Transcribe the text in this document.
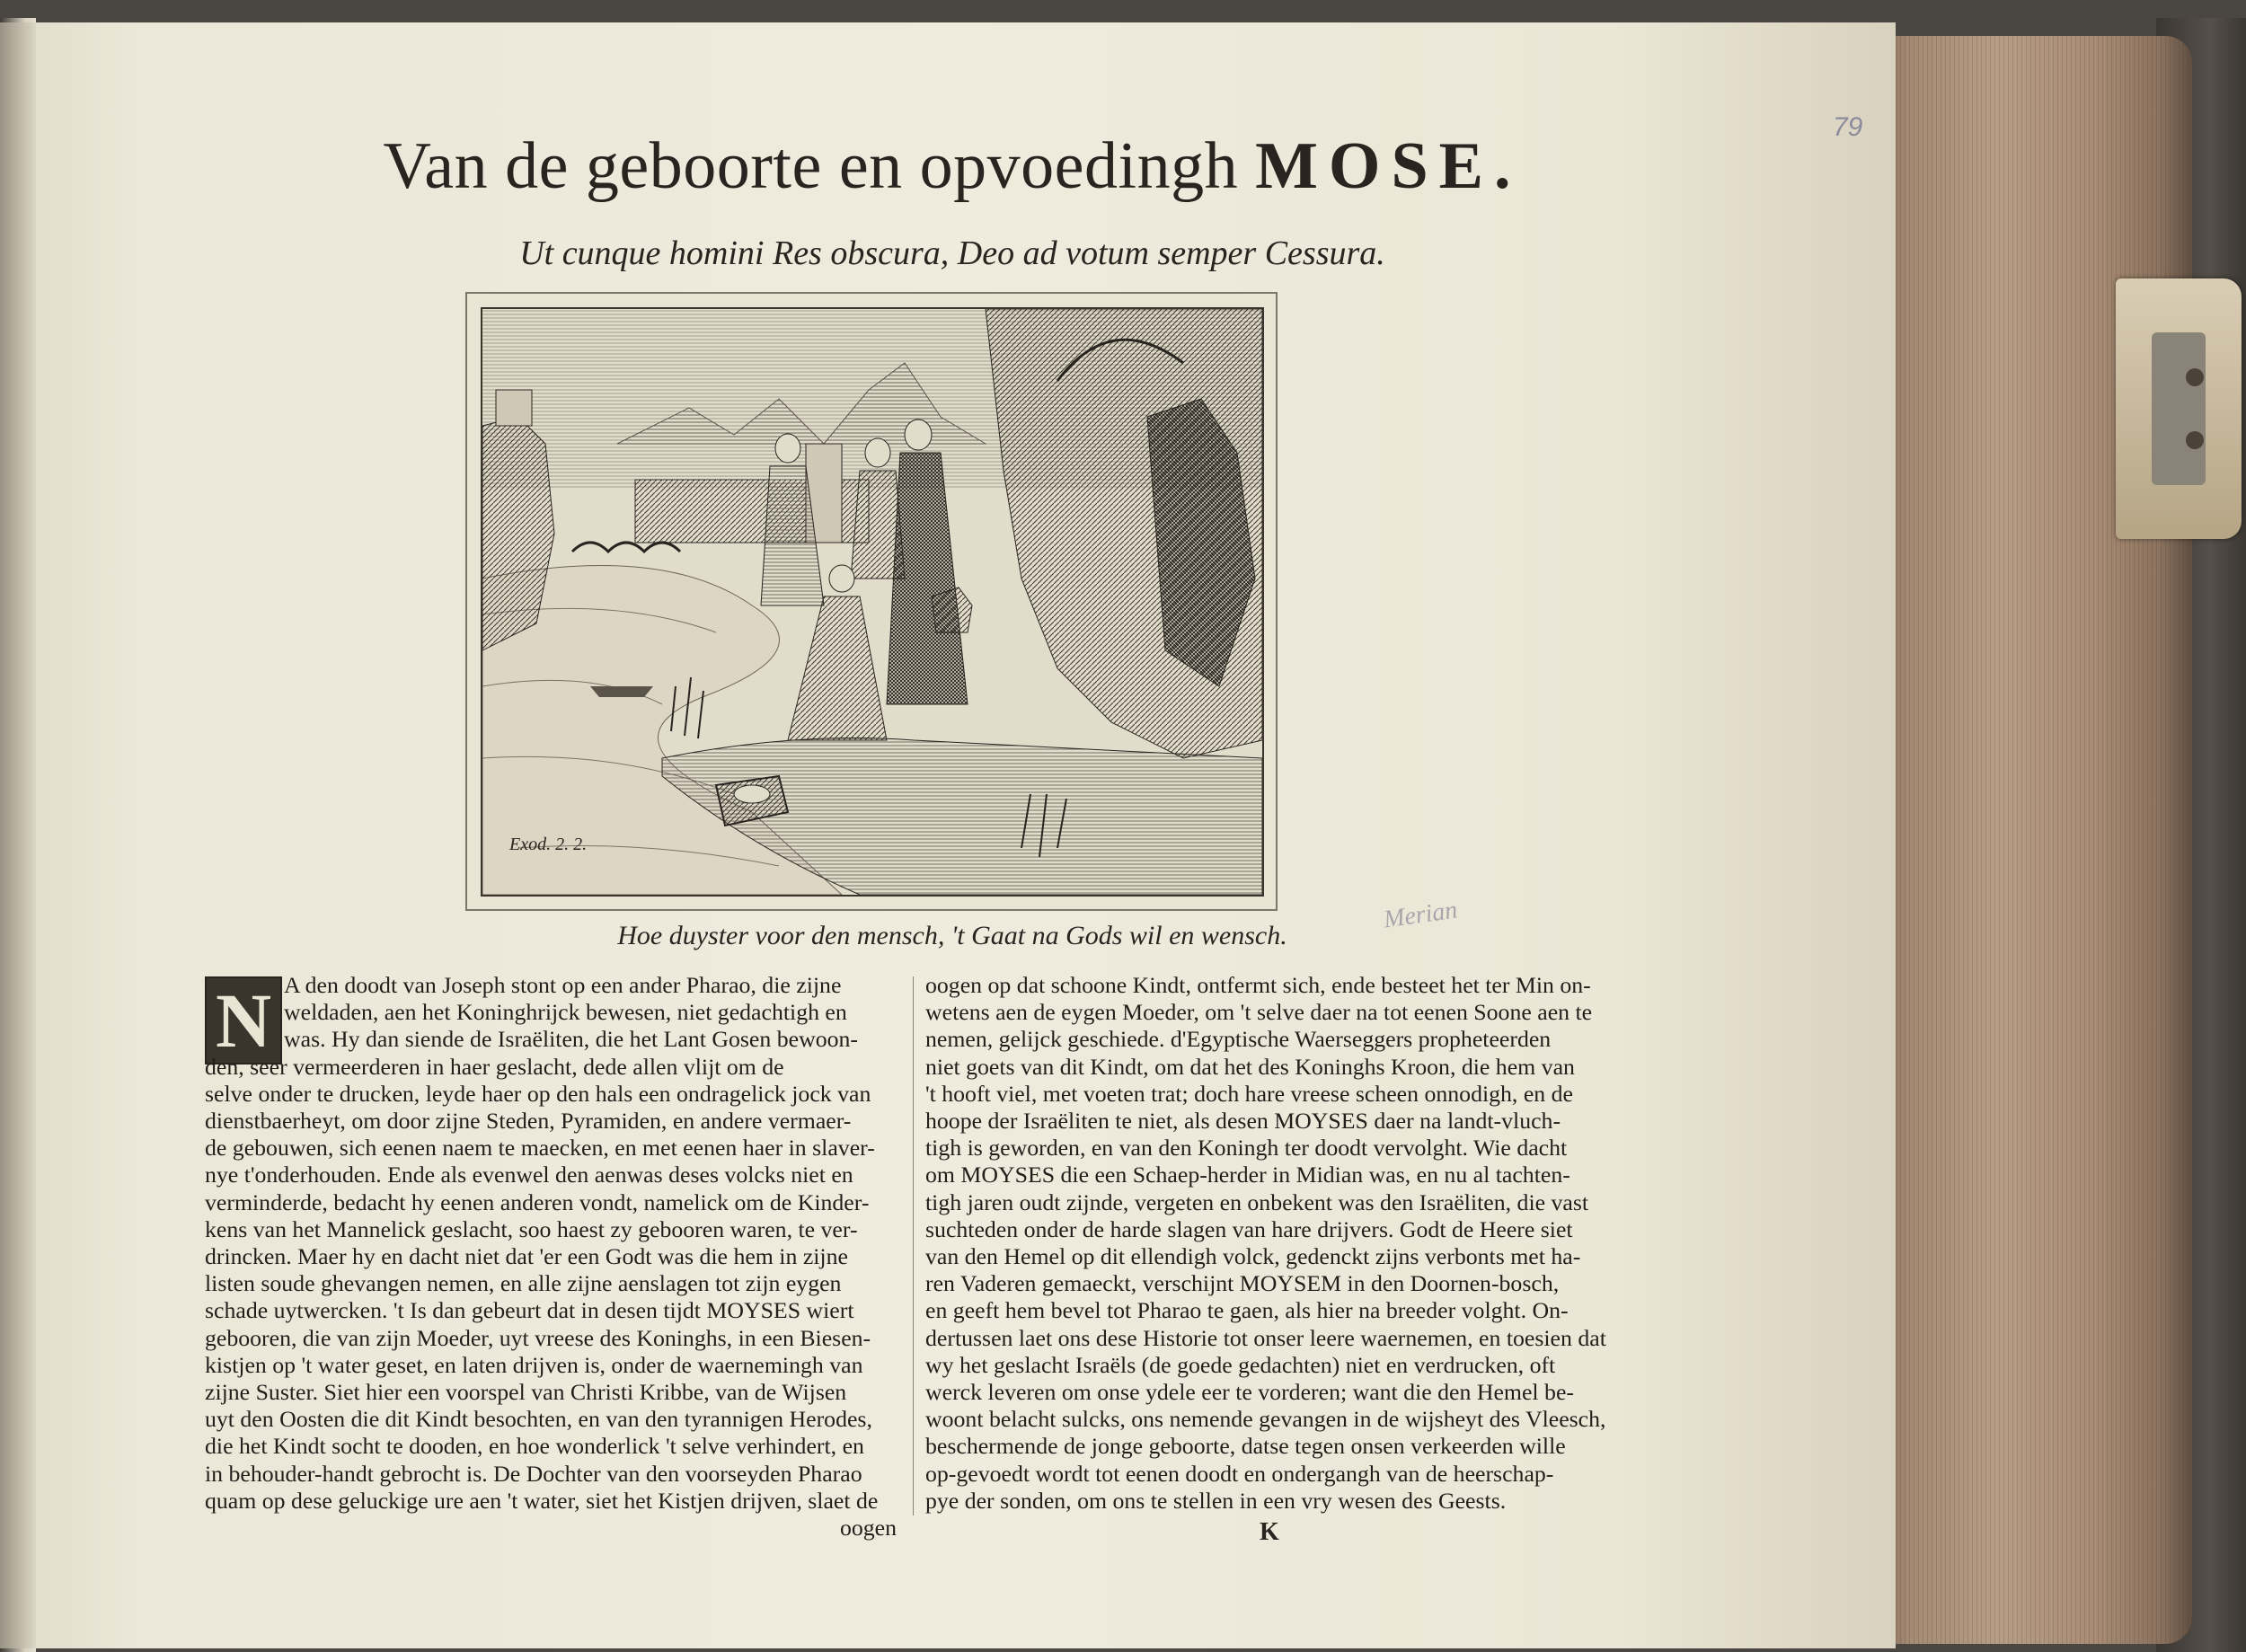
79
Van de geboorte en opvoedingh MOSE.
Ut cunque homini Res obscura, Deo ad votum semper Cessura.
Exod. 2. 2.
Hoe duyster voor den mensch, 't Gaat na Gods wil en wensch.
N A den doodt van Joseph stont op een ander Pharao, die zijne
weldaden, aen het Koninghrijck bewesen, niet gedachtigh en
was. Hy dan siende de Israëliten, die het Lant Gosen bewoon-
den, seer vermeerderen in haer geslacht, dede allen vlijt om de
selve onder te drucken, leyde haer op den hals een ondragelick jock van
dienstbaerheyt, om door zijne Steden, Pyramiden, en andere vermaer-
de gebouwen, sich eenen naem te maecken, en met eenen haer in slaver-
nye t'onderhouden. Ende als evenwel den aenwas deses volcks niet en
verminderde, bedacht hy eenen anderen vondt, namelick om de Kinder-
kens van het Mannelick geslacht, soo haest zy gebooren waren, te ver-
drincken. Maer hy en dacht niet dat 'er een Godt was die hem in zijne
listen soude ghevangen nemen, en alle zijne aenslagen tot zijn eygen
schade uytwercken. 't Is dan gebeurt dat in desen tijdt MOYSES wiert
gebooren, die van zijn Moeder, uyt vreese des Koninghs, in een Biesen-
kistjen op 't water geset, en laten drijven is, onder de waernemingh van
zijne Suster. Siet hier een voorspel van Christi Kribbe, van de Wijsen
uyt den Oosten die dit Kindt besochten, en van den tyrannigen Herodes,
die het Kindt socht te dooden, en hoe wonderlick 't selve verhindert, en
in behouder-handt gebrocht is. De Dochter van den voorseyden Pharao
quam op dese geluckige ure aen 't water, siet het Kistjen drijven, slaet de
oogen
oogen op dat schoone Kindt, ontfermt sich, ende besteet het ter Min on-
wetens aen de eygen Moeder, om 't selve daer na tot eenen Soone aen te
nemen, gelijck geschiede. d'Egyptische Waerseggers propheteerden
niet goets van dit Kindt, om dat het des Koninghs Kroon, die hem van
't hooft viel, met voeten trat; doch hare vreese scheen onnodigh, en de
hoope der Israëliten te niet, als desen MOYSES daer na landt-vluch-
tigh is geworden, en van den Koningh ter doodt vervolght. Wie dacht
om MOYSES die een Schaep-herder in Midian was, en nu al tachten-
tigh jaren oudt zijnde, vergeten en onbekent was den Israëliten, die vast
suchteden onder de harde slagen van hare drijvers. Godt de Heere siet
van den Hemel op dit ellendigh volck, gedenckt zijns verbonts met ha-
ren Vaderen gemaeckt, verschijnt MOYSEM in den Doornen-bosch,
en geeft hem bevel tot Pharao te gaen, als hier na breeder volght. On-
dertussen laet ons dese Historie tot onser leere waernemen, en toesien dat
wy het geslacht Israëls (de goede gedachten) niet en verdrucken, oft
werck leveren om onse ydele eer te vorderen; want die den Hemel be-
woont belacht sulcks, ons nemende gevangen in de wijsheyt des Vleesch,
beschermende de jonge geboorte, datse tegen onsen verkeerden wille
op-gevoedt wordt tot eenen doodt en ondergangh van de heerschap-
pye der sonden, om ons te stellen in een vry wesen des Geests.
K
Merian
